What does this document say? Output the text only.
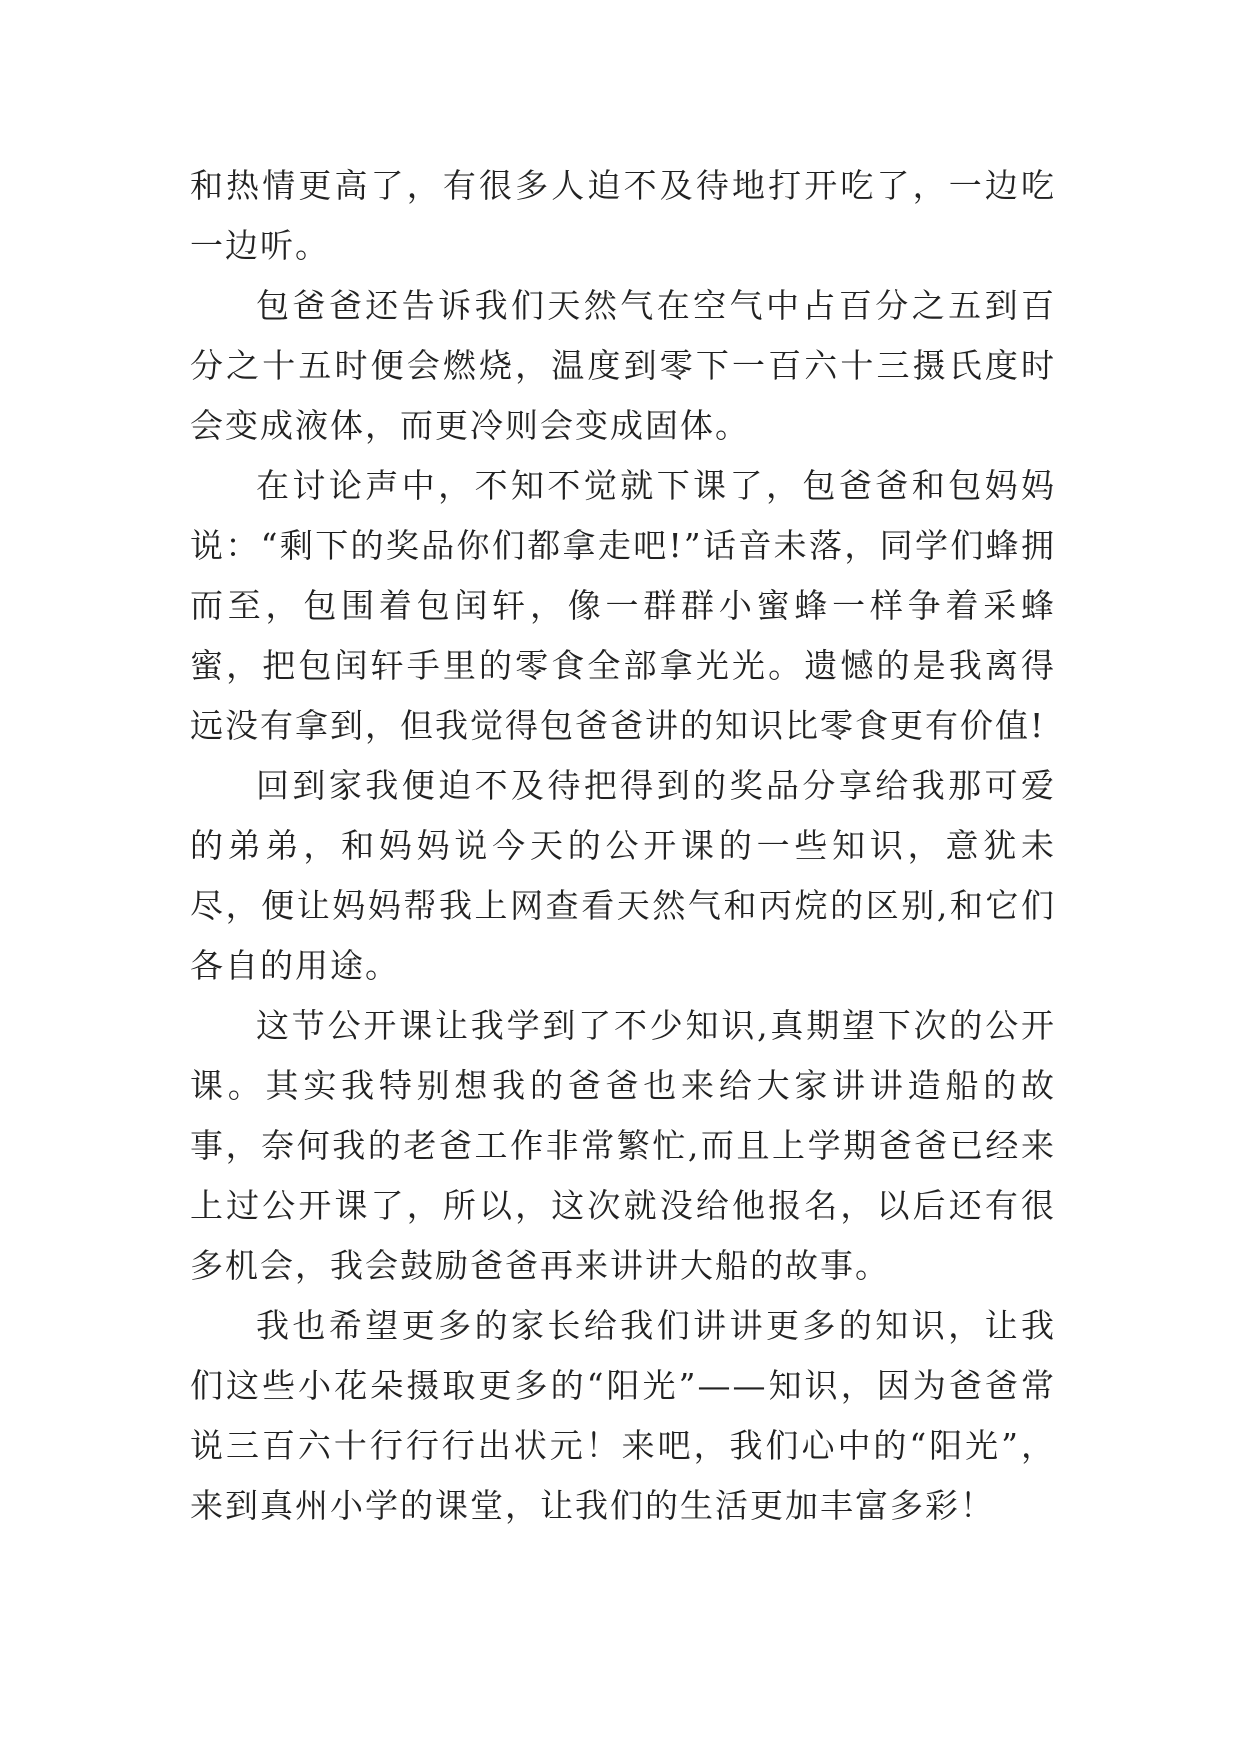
和热情更高了，有很多人迫不及待地打开吃了，一边吃一边听。

包爸爸还告诉我们天然气在空气中占百分之五到百分之十五时便会燃烧，温度到零下一百六十三摄氏度时会变成液体，而更冷则会变成固体。

在讨论声中，不知不觉就下课了，包爸爸和包妈妈说：“剩下的奖品你们都拿走吧!”话音未落，同学们蜂拥而至，包围着包闰轩，像一群群小蜜蜂一样争着采蜂蜜，把包闰轩手里的零食全部拿光光。遗憾的是我离得远没有拿到，但我觉得包爸爸讲的知识比零食更有价值!

回到家我便迫不及待把得到的奖品分享给我那可爱的弟弟，和妈妈说今天的公开课的一些知识，意犹未尽，便让妈妈帮我上网查看天然气和丙烷的区别,和它们各自的用途。

这节公开课让我学到了不少知识,真期望下次的公开课。其实我特别想我的爸爸也来给大家讲讲造船的故事，奈何我的老爸工作非常繁忙,而且上学期爸爸已经来上过公开课了，所以，这次就没给他报名，以后还有很多机会，我会鼓励爸爸再来讲讲大船的故事。

我也希望更多的家长给我们讲讲更多的知识，让我们这些小花朵摄取更多的“阳光”——知识，因为爸爸常说三百六十行行行出状元！来吧，我们心中的“阳光”，来到真州小学的课堂，让我们的生活更加丰富多彩！
